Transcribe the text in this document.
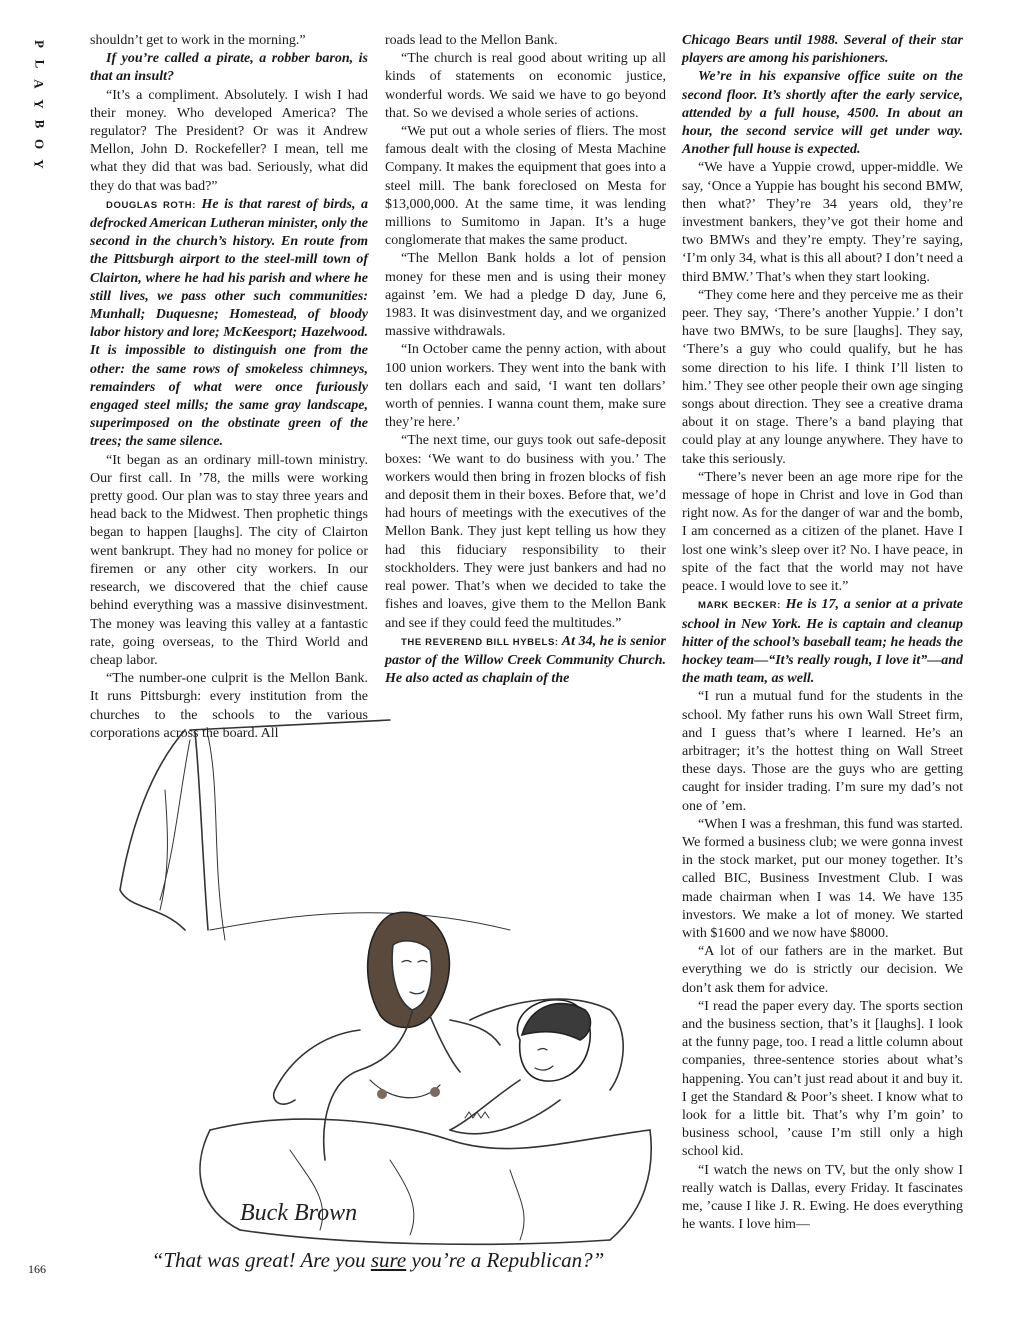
P
L
A
Y
B
O
Y

shouldn’t get to work in the morning.”

If you’re called a pirate, a robber baron, is that an insult?

“It’s a compliment. Absolutely. I wish I had their money. Who developed America? The regulator? The President? Or was it Andrew Mellon, John D. Rockefeller? I mean, tell me what they did that was bad. Seriously, what did they do that was bad?”

DOUGLAS ROTH: He is that rarest of birds, a defrocked American Lutheran minister, only the second in the church’s history. En route from the Pittsburgh airport to the steel-mill town of Clairton, where he had his parish and where he still lives, we pass other such communities: Munhall; Duquesne; Homestead, of bloody labor history and lore; McKeesport; Hazelwood. It is impossible to distinguish one from the other: the same rows of smokeless chimneys, remainders of what were once furiously engaged steel mills; the same gray landscape, superimposed on the obstinate green of the trees; the same silence.

“It began as an ordinary mill-town ministry. Our first call. In ’78, the mills were working pretty good. Our plan was to stay three years and head back to the Midwest. Then prophetic things began to happen [laughs]. The city of Clairton went bankrupt. They had no money for police or firemen or any other city workers. In our research, we discovered that the chief cause behind everything was a massive disinvestment. The money was leaving this valley at a fantastic rate, going overseas, to the Third World and cheap labor.

“The number-one culprit is the Mellon Bank. It runs Pittsburgh: every institution from the churches to the schools to the various corporations across the board. All

roads lead to the Mellon Bank.

“The church is real good about writing up all kinds of statements on economic justice, wonderful words. We said we have to go beyond that. So we devised a whole series of actions.

“We put out a whole series of fliers. The most famous dealt with the closing of Mesta Machine Company. It makes the equipment that goes into a steel mill. The bank foreclosed on Mesta for $13,000,000. At the same time, it was lending millions to Sumitomo in Japan. It’s a huge conglomerate that makes the same product.

“The Mellon Bank holds a lot of pension money for these men and is using their money against ’em. We had a pledge D day, June 6, 1983. It was disinvestment day, and we organized massive withdrawals.

“In October came the penny action, with about 100 union workers. They went into the bank with ten dollars each and said, ‘I want ten dollars’ worth of pennies. I wanna count them, make sure they’re here.’

“The next time, our guys took out safe-deposit boxes: ‘We want to do business with you.’ The workers would then bring in frozen blocks of fish and deposit them in their boxes. Before that, we’d had hours of meetings with the executives of the Mellon Bank. They just kept telling us how they had this fiduciary responsibility to their stockholders. They were just bankers and had no real power. That’s when we decided to take the fishes and loaves, give them to the Mellon Bank and see if they could feed the multitudes.”

THE REVEREND BILL HYBELS: At 34, he is senior pastor of the Willow Creek Community Church. He also acted as chaplain of the

Chicago Bears until 1988. Several of their star players are among his parishioners.

We’re in his expansive office suite on the second floor. It’s shortly after the early service, attended by a full house, 4500. In about an hour, the second service will get under way. Another full house is expected.

“We have a Yuppie crowd, upper-middle. We say, ‘Once a Yuppie has bought his second BMW, then what?’ They’re 34 years old, they’re investment bankers, they’ve got their home and two BMWs and they’re empty. They’re saying, ‘I’m only 34, what is this all about? I don’t need a third BMW.’ That’s when they start looking.

“They come here and they perceive me as their peer. They say, ‘There’s another Yuppie.’ I don’t have two BMWs, to be sure [laughs]. They say, ‘There’s a guy who could qualify, but he has some direction to his life. I think I’ll listen to him.’ They see other people their own age singing songs about direction. They see a creative drama about it on stage. There’s a band playing that could play at any lounge anywhere. They have to take this seriously.

“There’s never been an age more ripe for the message of hope in Christ and love in God than right now. As for the danger of war and the bomb, I am concerned as a citizen of the planet. Have I lost one wink’s sleep over it? No. I have peace, in spite of the fact that the world may not have peace. I would love to see it.”

MARK BECKER: He is 17, a senior at a private school in New York. He is captain and cleanup hitter of the school’s baseball team; he heads the hockey team—“It’s really rough, I love it”—and the math team, as well.

“I run a mutual fund for the students in the school. My father runs his own Wall Street firm, and I guess that’s where I learned. He’s an arbitrager; it’s the hottest thing on Wall Street these days. Those are the guys who are getting caught for insider trading. I’m sure my dad’s not one of ’em.

“When I was a freshman, this fund was started. We formed a business club; we were gonna invest in the stock market, put our money together. It’s called BIC, Business Investment Club. I was made chairman when I was 14. We have 135 investors. We make a lot of money. We started with $1600 and we now have $8000.

“A lot of our fathers are in the market. But everything we do is strictly our decision. We don’t ask them for advice.

“I read the paper every day. The sports section and the business section, that’s it [laughs]. I look at the funny page, too. I read a little column about companies, three-sentence stories about what’s happening. You can’t just read about it and buy it. I get the Standard & Poor’s sheet. I know what to look for a little bit. That’s why I’m goin’ to business school, ’cause I’m still only a high school kid.

“I watch the news on TV, but the only show I really watch is Dallas, every Friday. It fascinates me, ’cause I like J. R. Ewing. He does everything he wants. I love him—

Buck Brown
“That was great! Are you sure you’re a Republican?”
166
